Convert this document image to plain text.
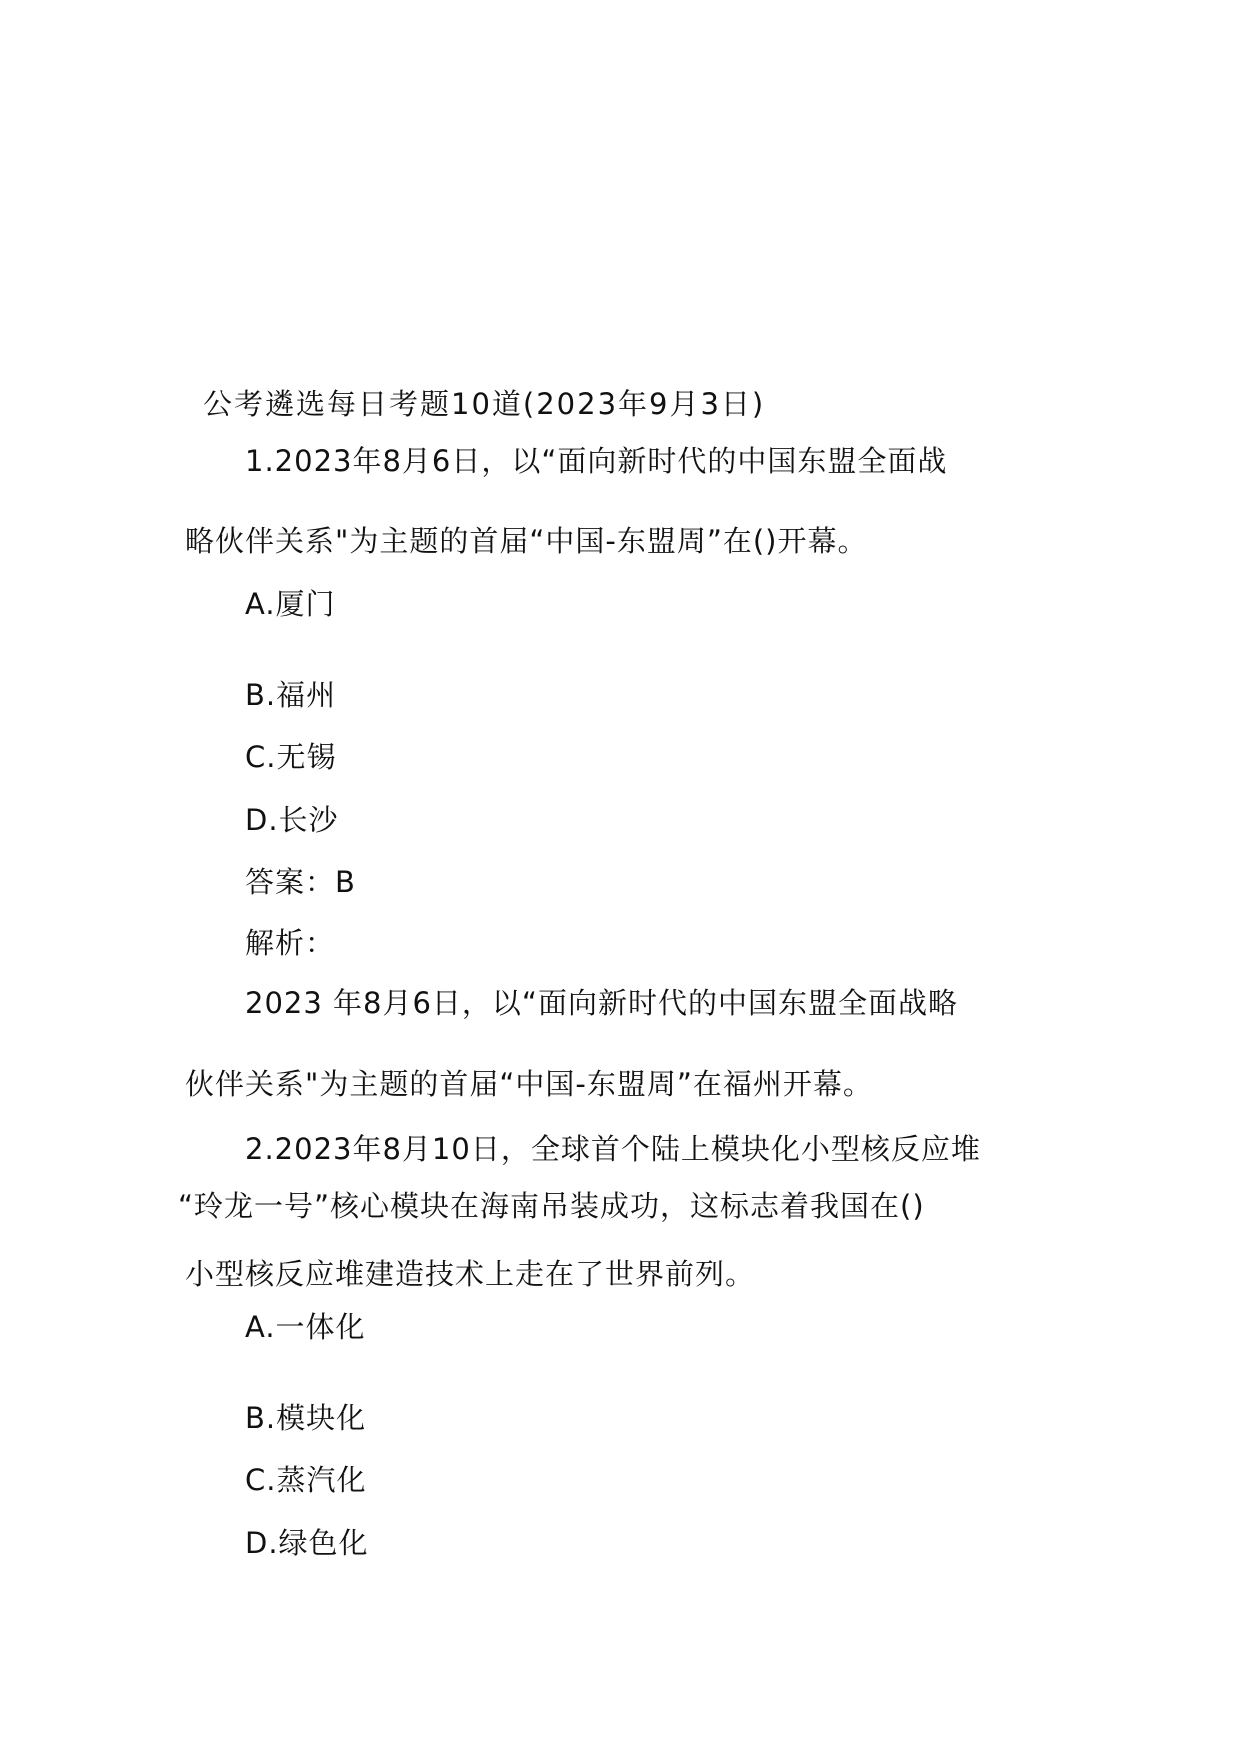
公考遴选每日考题10道(2023年9月3日)
1.2023年8月6日，以“面向新时代的中国东盟全面战
略伙伴关系"为主题的首届“中国-东盟周”在()开幕。
A.厦门
B.福州
C.无锡
D.长沙
答案：B
解析：
2023 年8月6日，以“面向新时代的中国东盟全面战略
伙伴关系"为主题的首届“中国-东盟周”在福州开幕。
2.2023年8月10日，全球首个陆上模块化小型核反应堆
“玲龙一号”核心模块在海南吊装成功，这标志着我国在()
小型核反应堆建造技术上走在了世界前列。
A.一体化
B.模块化
C.蒸汽化
D.绿色化
